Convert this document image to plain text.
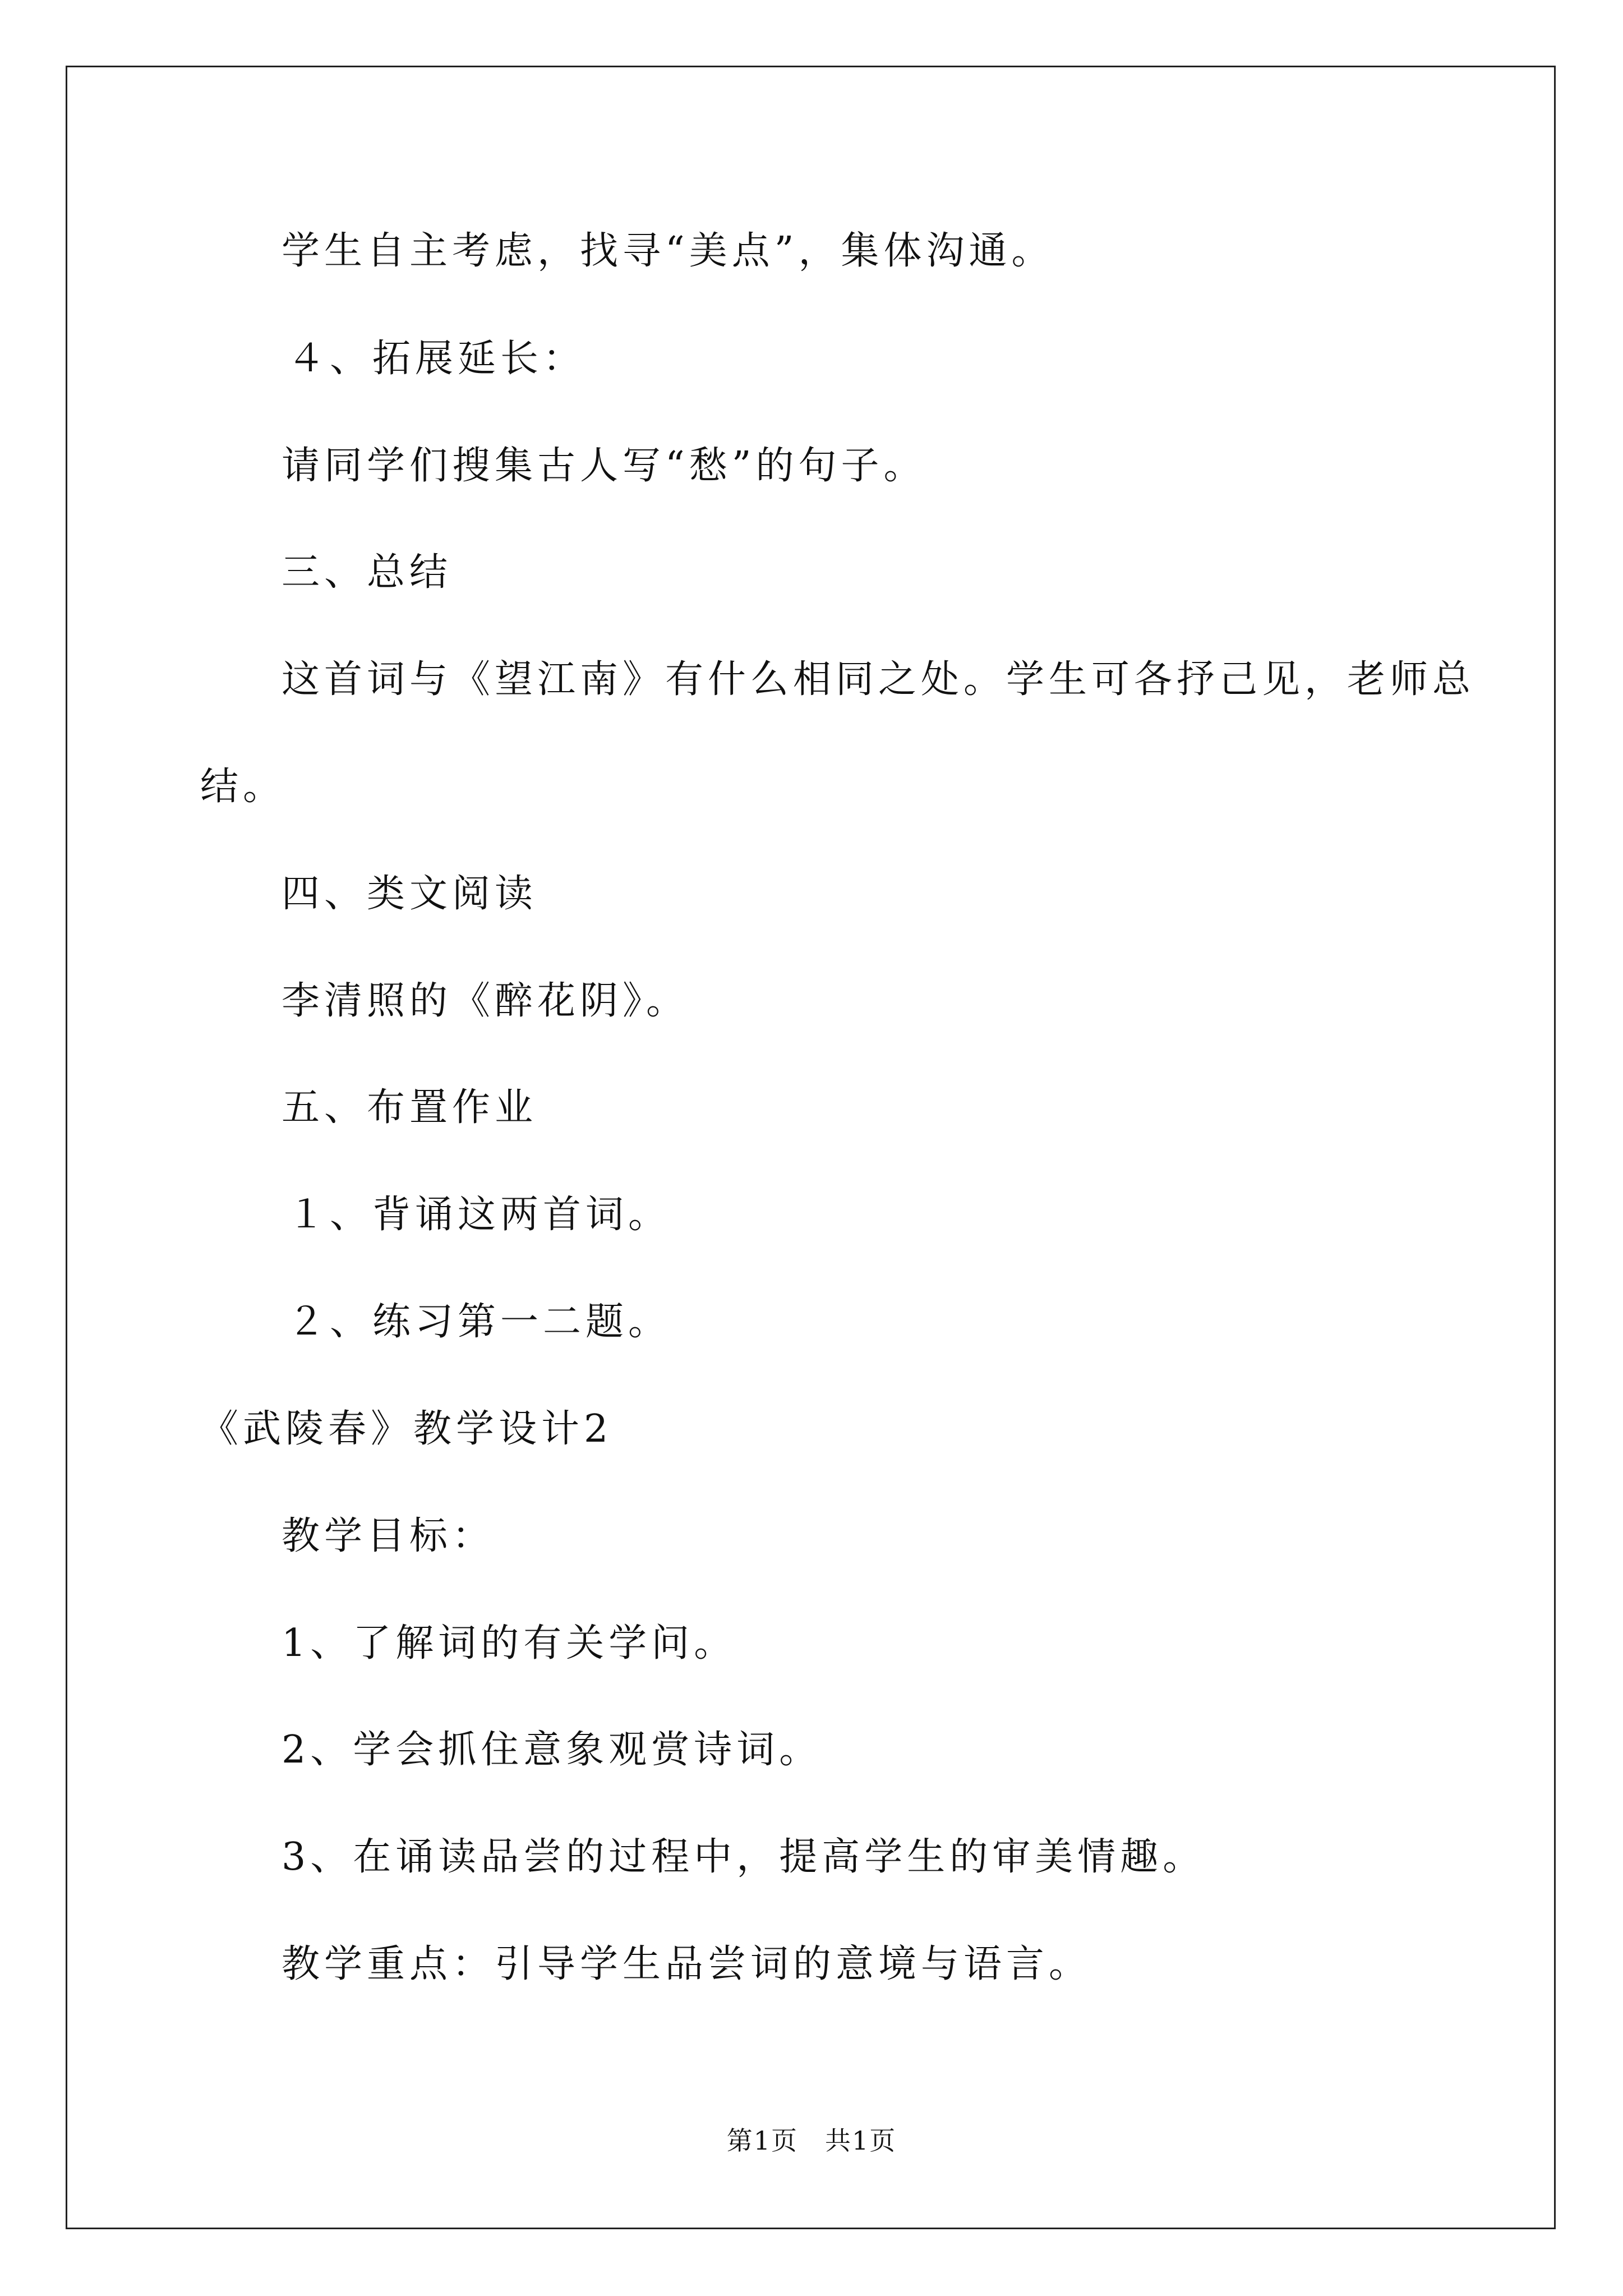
学生自主考虑，找寻“美点”，集体沟通。
４、拓展延长：
请同学们搜集古人写“愁”的句子。
三、总结
这首词与《望江南》有什么相同之处。学生可各抒己见，老师总
结。
四、类文阅读
李清照的《醉花阴》。
五、布置作业
１、背诵这两首词。
２、练习第一二题。
《武陵春》教学设计2
教学目标：
1、了解词的有关学问。
2、学会抓住意象观赏诗词。
3、在诵读品尝的过程中，提高学生的审美情趣。
教学重点：引导学生品尝词的意境与语言。
第1页　共1页
